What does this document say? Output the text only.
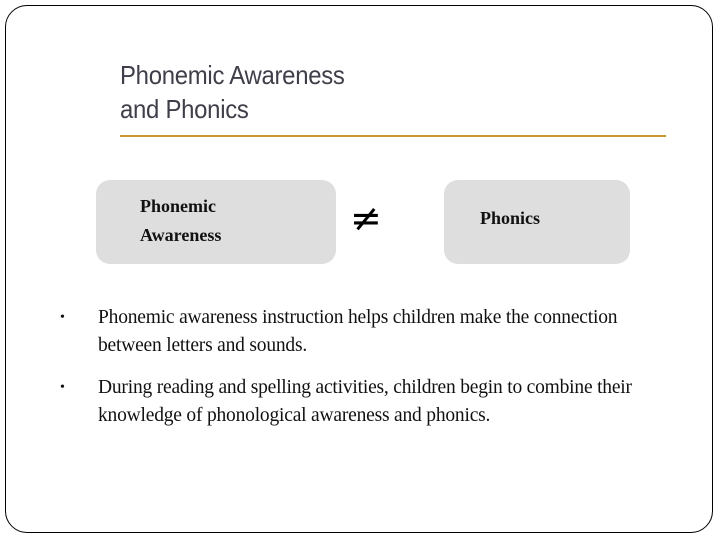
Phonemic Awareness
and Phonics
Phonemic
Awareness	≠	Phonics
• Phonemic awareness instruction helps children make the connection between letters and sounds.
• During reading and spelling activities, children begin to combine their knowledge of phonological awareness and phonics.
